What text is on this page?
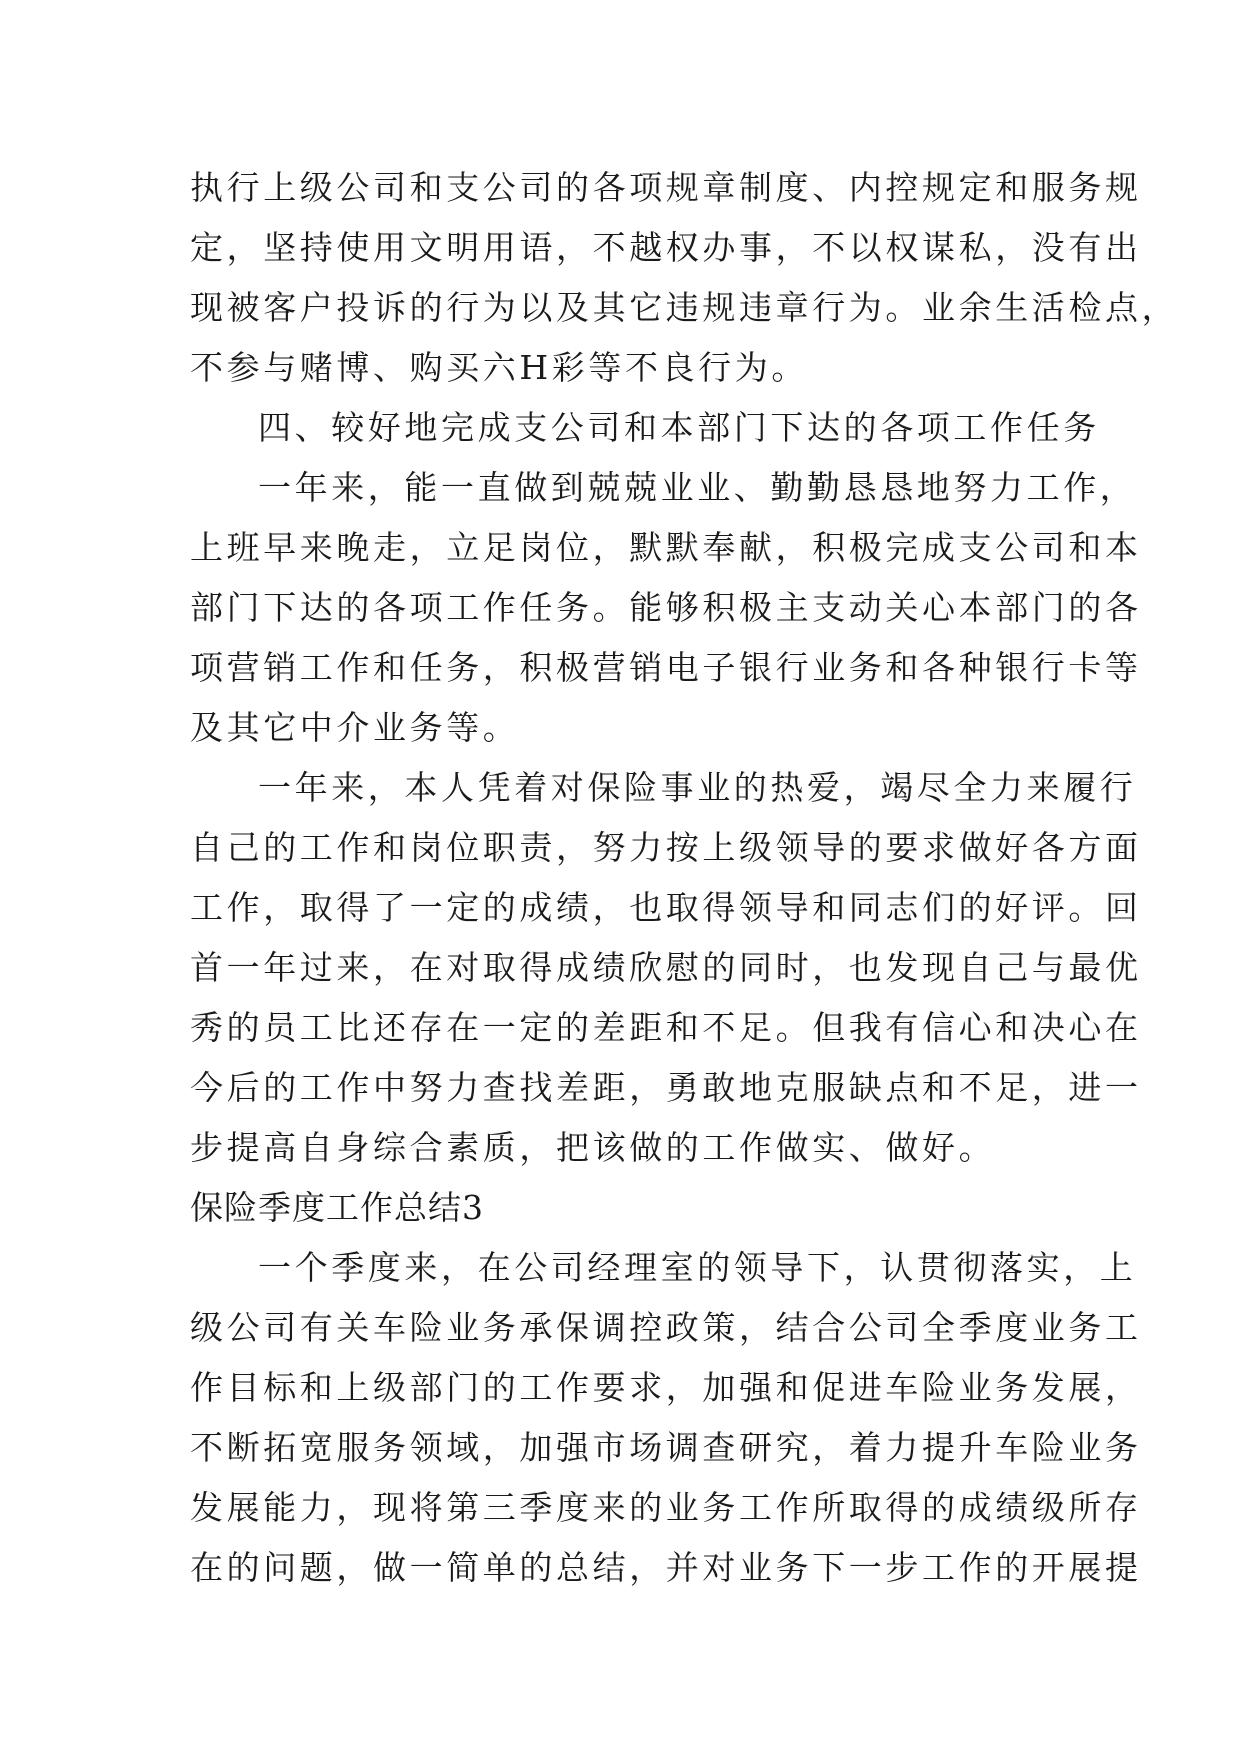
执行上级公司和支公司的各项规章制度、内控规定和服务规
定，坚持使用文明用语，不越权办事，不以权谋私，没有出
现被客户投诉的行为以及其它违规违章行为。业余生活检点，
不参与赌博、购买六H彩等不良行为。
四、较好地完成支公司和本部门下达的各项工作任务
一年来，能一直做到兢兢业业、勤勤恳恳地努力工作，
上班早来晚走，立足岗位，默默奉献，积极完成支公司和本
部门下达的各项工作任务。能够积极主支动关心本部门的各
项营销工作和任务，积极营销电子银行业务和各种银行卡等
及其它中介业务等。
一年来，本人凭着对保险事业的热爱，竭尽全力来履行
自己的工作和岗位职责，努力按上级领导的要求做好各方面
工作，取得了一定的成绩，也取得领导和同志们的好评。回
首一年过来，在对取得成绩欣慰的同时，也发现自己与最优
秀的员工比还存在一定的差距和不足。但我有信心和决心在
今后的工作中努力查找差距，勇敢地克服缺点和不足，进一
步提高自身综合素质，把该做的工作做实、做好。
保险季度工作总结3
一个季度来，在公司经理室的领导下，认贯彻落实，上
级公司有关车险业务承保调控政策，结合公司全季度业务工
作目标和上级部门的工作要求，加强和促进车险业务发展，
不断拓宽服务领域，加强市场调查研究，着力提升车险业务
发展能力，现将第三季度来的业务工作所取得的成绩级所存
在的问题，做一简单的总结，并对业务下一步工作的开展提
